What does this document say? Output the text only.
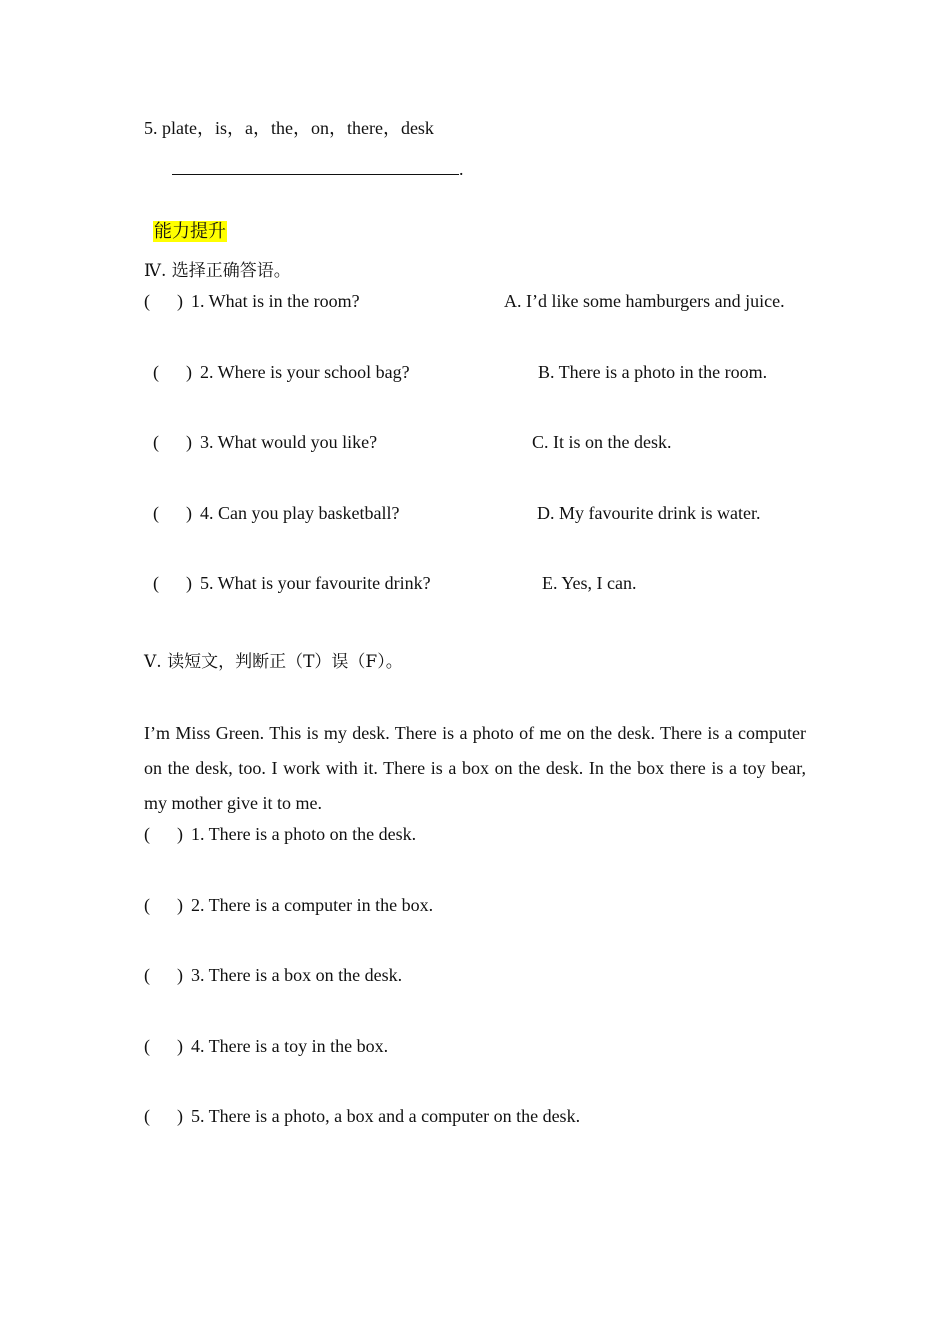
5. plate，is，a，the，on，there，desk
.

能力提升

Ⅳ. 选择正确答语。
(      ) 1. What is in the room?	A. I’d like some hamburgers and juice.
(      ) 2. Where is your school bag?	B. There is a photo in the room.
(      ) 3. What would you like?	C. It is on the desk.
(      ) 4. Can you play basketball?	D. My favourite drink is water.
(      ) 5. What is your favourite drink?	E. Yes, I can.
Ⅴ. 读短文，判断正（T）误（F）。
I’m Miss Green. This is my desk. There is a photo of me on the desk. There is a computer on the desk, too. I work with it. There is a box on the desk. In the box there is a toy bear, my mother give it to me.
(      ) 1. There is a photo on the desk.
(      ) 2. There is a computer in the box.
(      ) 3. There is a box on the desk.
(      ) 4. There is a toy in the box.
(      ) 5. There is a photo, a box and a computer on the desk.
